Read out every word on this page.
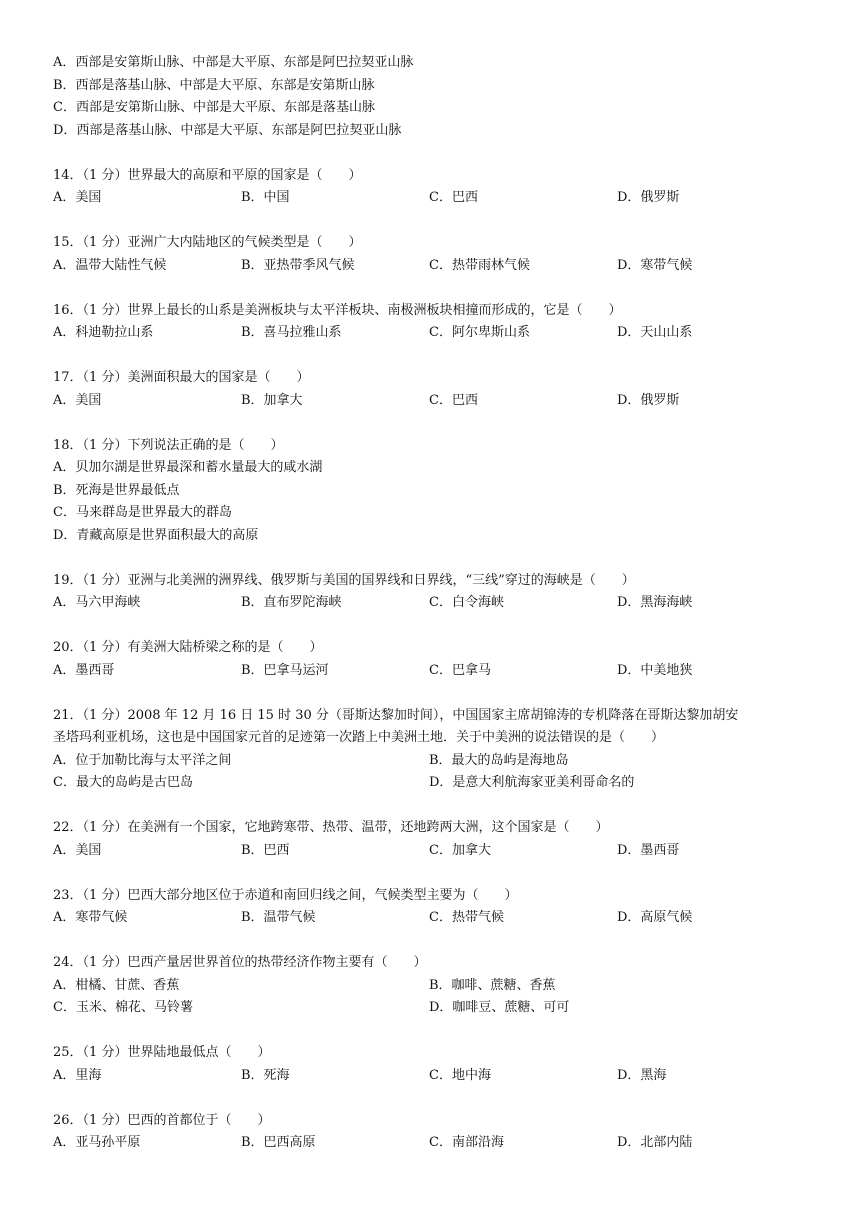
A．西部是安第斯山脉、中部是大平原、东部是阿巴拉契亚山脉
B．西部是落基山脉、中部是大平原、东部是安第斯山脉
C．西部是安第斯山脉、中部是大平原、东部是落基山脉
D．西部是落基山脉、中部是大平原、东部是阿巴拉契亚山脉
14．（1 分）世界最大的高原和平原的国家是（　　）
A．美国	B．中国	C．巴西	D．俄罗斯
15．（1 分）亚洲广大内陆地区的气候类型是（　　）
A．温带大陆性气候	B．亚热带季风气候	C．热带雨林气候	D．寒带气候
16．（1 分）世界上最长的山系是美洲板块与太平洋板块、南极洲板块相撞而形成的，它是（　　）
A．科迪勒拉山系	B．喜马拉雅山系	C．阿尔卑斯山系	D．天山山系
17．（1 分）美洲面积最大的国家是（　　）
A．美国	B．加拿大	C．巴西	D．俄罗斯
18．（1 分）下列说法正确的是（　　）
A．贝加尔湖是世界最深和蓄水量最大的咸水湖
B．死海是世界最低点
C．马来群岛是世界最大的群岛
D．青藏高原是世界面积最大的高原
19．（1 分）亚洲与北美洲的洲界线、俄罗斯与美国的国界线和日界线，“三线”穿过的海峡是（　　）
A．马六甲海峡	B．直布罗陀海峡	C．白令海峡	D．黑海海峡
20．（1 分）有美洲大陆桥梁之称的是（　　）
A．墨西哥	B．巴拿马运河	C．巴拿马	D．中美地狭
21．（1 分）2008 年 12 月 16 日 15 时 30 分（哥斯达黎加时间），中国国家主席胡锦涛的专机降落在哥斯达黎加胡安
圣塔玛利亚机场，这也是中国国家元首的足迹第一次踏上中美洲土地．关于中美洲的说法错误的是（　　）
A．位于加勒比海与太平洋之间	B．最大的岛屿是海地岛
C．最大的岛屿是古巴岛	D．是意大利航海家亚美利哥命名的
22．（1 分）在美洲有一个国家，它地跨寒带、热带、温带，还地跨两大洲，这个国家是（　　）
A．美国	B．巴西	C．加拿大	D．墨西哥
23．（1 分）巴西大部分地区位于赤道和南回归线之间，气候类型主要为（　　）
A．寒带气候	B．温带气候	C．热带气候	D．高原气候
24．（1 分）巴西产量居世界首位的热带经济作物主要有（　　）
A．柑橘、甘蔗、香蕉	B．咖啡、蔗糖、香蕉
C．玉米、棉花、马铃薯	D．咖啡豆、蔗糖、可可
25．（1 分）世界陆地最低点（　　）
A．里海	B．死海	C．地中海	D．黑海
26．（1 分）巴西的首都位于（　　）
A．亚马孙平原	B．巴西高原	C．南部沿海	D．北部内陆
